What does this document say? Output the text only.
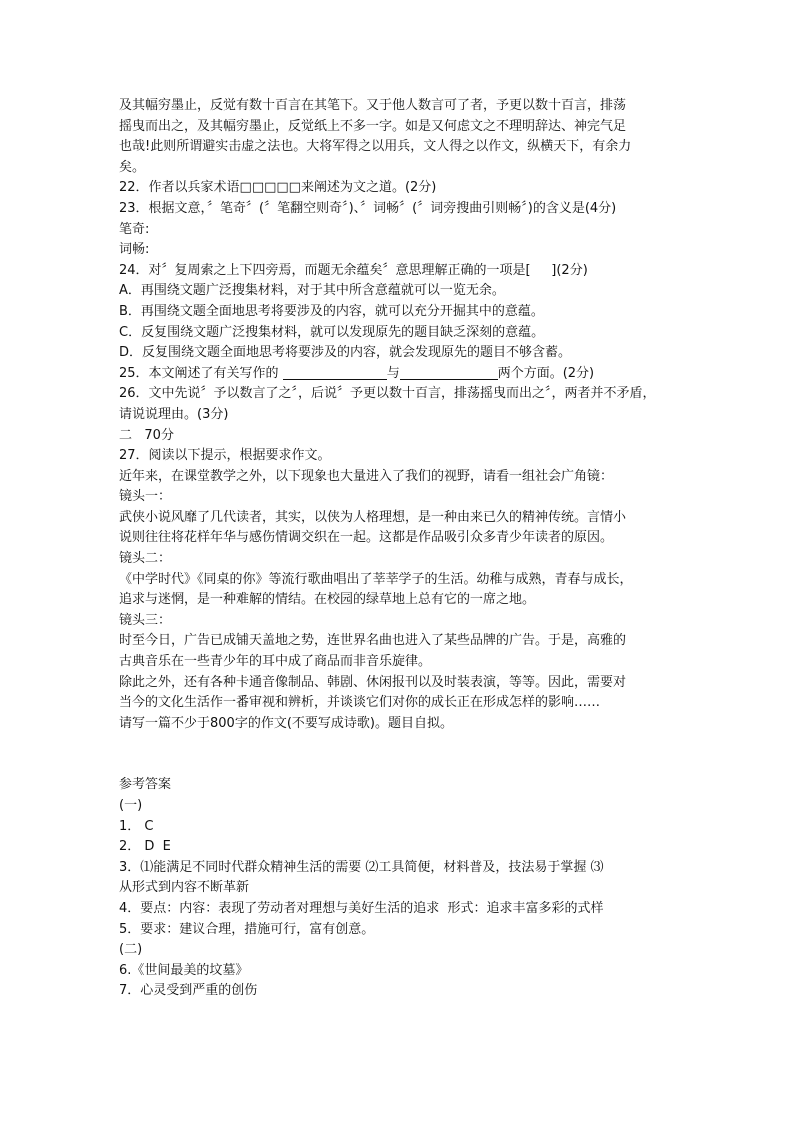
及其幅穷墨止，反觉有数十百言在其笔下。又于他人数言可了者，予更以数十百言，排荡
摇曳而出之，及其幅穷墨止，反觉纸上不多一字。如是又何虑文之不理明辞达、神完气足
也哉!此则所谓避实击虚之法也。大将军得之以用兵，文人得之以作文，纵横天下，有余力
矣。
22．作者以兵家术语□□□□□来阐述为文之道。(2分)
23．根据文意，〞笔奇〞(〞笔翻空则奇〞)、〞词畅〞(〞词旁搜曲引则畅〞)的含义是(4分)
笔奇:
词畅:
24．对〞复周索之上下四旁焉，而题无余蕴矣〞意思理解正确的一项是[     ](2分)
A．再围绕文题广泛搜集材料，对于其中所含意蕴就可以一览无余。
B．再围绕文题全面地思考将要涉及的内容，就可以充分开掘其中的意蕴。
C．反复围绕文题广泛搜集材料，就可以发现原先的题目缺乏深刻的意蕴。
D．反复围绕文题全面地思考将要涉及的内容，就会发现原先的题目不够含蓄。
25．本文阐述了有关写作的	与	两个方面。(2分)
26．文中先说〞予以数言了之〞，后说〞予更以数十百言，排荡摇曳而出之〞，两者并不矛盾，
请说说理由。(3分)
二   70分
27．阅读以下提示，根据要求作文。
近年来，在课堂教学之外，以下现象也大量进入了我们的视野，请看一组社会广角镜：
镜头一：
武侠小说风靡了几代读者，其实，以侠为人格理想，是一种由来已久的精神传统。言情小
说则往往将花样年华与感伤情调交织在一起。这都是作品吸引众多青少年读者的原因。
镜头二：
《中学时代》《同桌的你》等流行歌曲唱出了莘莘学子的生活。幼稚与成熟，青春与成长，
追求与迷惘，是一种难解的情结。在校园的绿草地上总有它的一席之地。
镜头三：
时至今日，广告已成铺天盖地之势，连世界名曲也进入了某些品牌的广告。于是，高雅的
古典音乐在一些青少年的耳中成了商品而非音乐旋律。
除此之外，还有各种卡通音像制品、韩剧、休闲报刊以及时装表演，等等。因此，需要对
当今的文化生活作一番审视和辨析，并谈谈它们对你的成长正在形成怎样的影响……
请写一篇不少于800字的作文(不要写成诗歌)。题目自拟。
参考答案
(一)
1． C
2． D  E
3．⑴能满足不同时代群众精神生活的需要 ⑵工具简便，材料普及，技法易于掌握 ⑶
从形式到内容不断革新
4．要点：内容：表现了劳动者对理想与美好生活的追求  形式：追求丰富多彩的式样
5．要求：建议合理，措施可行，富有创意。
(二)
6.《世间最美的坟墓》
7．心灵受到严重的创伤
